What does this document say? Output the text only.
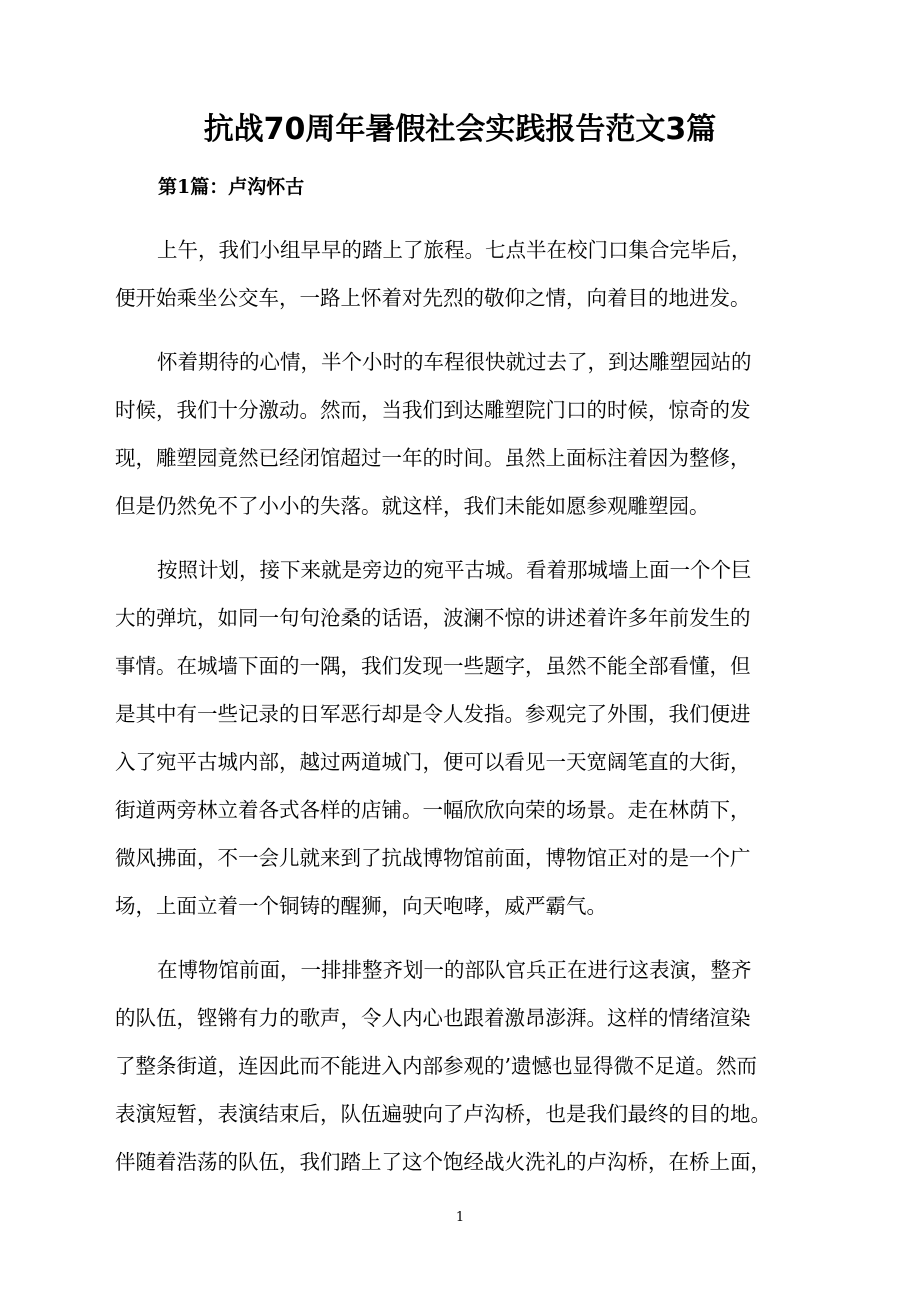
抗战70周年暑假社会实践报告范文3篇
第1篇：卢沟怀古

上午，我们小组早早的踏上了旅程。七点半在校门口集合完毕后，
便开始乘坐公交车，一路上怀着对先烈的敬仰之情，向着目的地进发。

怀着期待的心情，半个小时的车程很快就过去了，到达雕塑园站的
时候，我们十分激动。然而，当我们到达雕塑院门口的时候，惊奇的发
现，雕塑园竟然已经闭馆超过一年的时间。虽然上面标注着因为整修，
但是仍然免不了小小的失落。就这样，我们未能如愿参观雕塑园。

按照计划，接下来就是旁边的宛平古城。看着那城墙上面一个个巨
大的弹坑，如同一句句沧桑的话语，波澜不惊的讲述着许多年前发生的
事情。在城墙下面的一隅，我们发现一些题字，虽然不能全部看懂，但
是其中有一些记录的日军恶行却是令人发指。参观完了外围，我们便进
入了宛平古城内部，越过两道城门，便可以看见一天宽阔笔直的大街，
街道两旁林立着各式各样的店铺。一幅欣欣向荣的场景。走在林荫下，
微风拂面，不一会儿就来到了抗战博物馆前面，博物馆正对的是一个广
场，上面立着一个铜铸的醒狮，向天咆哮，威严霸气。

在博物馆前面，一排排整齐划一的部队官兵正在进行这表演，整齐
的队伍，铿锵有力的歌声，令人内心也跟着激昂澎湃。这样的情绪渲染
了整条街道，连因此而不能进入内部参观的’遗憾也显得微不足道。然而
表演短暂，表演结束后，队伍遍驶向了卢沟桥，也是我们最终的目的地。
伴随着浩荡的队伍，我们踏上了这个饱经战火洗礼的卢沟桥，在桥上面，

1
